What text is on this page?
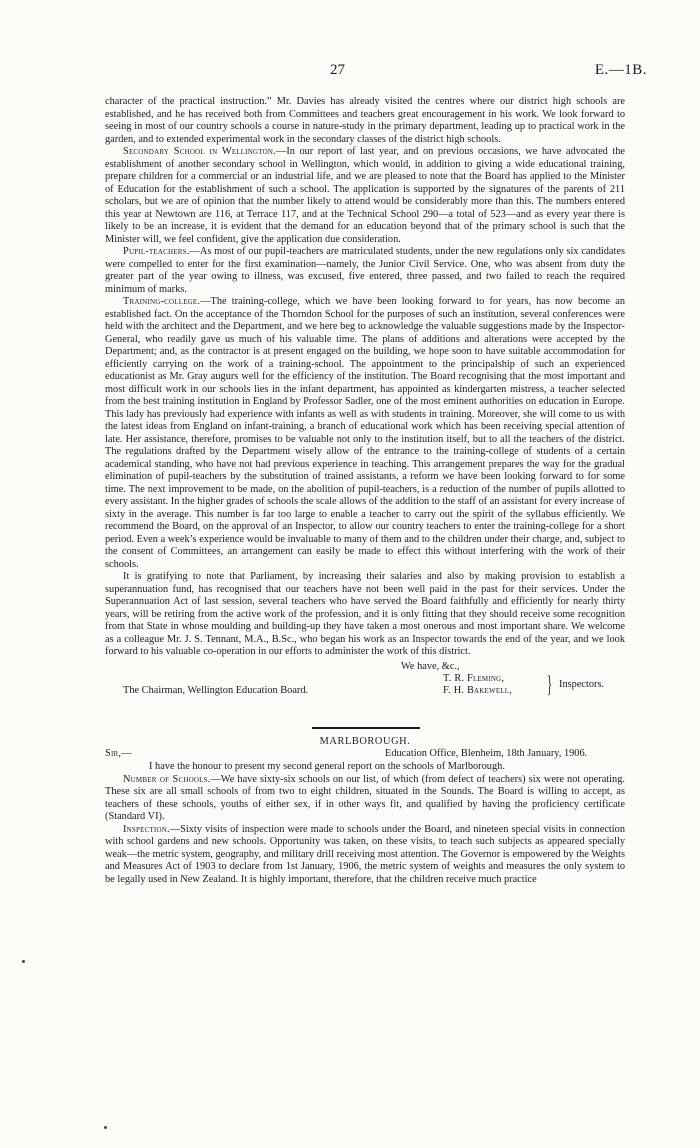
27	E.—1B.

character of the practical instruction.” Mr. Davies has already visited the centres where our district high schools are established, and he has received both from Committees and teachers great encouragement in his work. We look forward to seeing in most of our country schools a course in nature-study in the primary department, leading up to practical work in the garden, and to extended experimental work in the secondary classes of the district high schools.

Secondary School in Wellington.—In our report of last year, and on previous occasions, we have advocated the establishment of another secondary school in Wellington, which would, in addition to giving a wide educational training, prepare children for a commercial or an industrial life, and we are pleased to note that the Board has applied to the Minister of Education for the establishment of such a school. The application is supported by the signatures of the parents of 211 scholars, but we are of opinion that the number likely to attend would be considerably more than this. The numbers entered this year at Newtown are 116, at Terrace 117, and at the Technical School 290—a total of 523—and as every year there is likely to be an increase, it is evident that the demand for an education beyond that of the primary school is such that the Minister will, we feel confident, give the application due consideration.

Pupil-teachers.—As most of our pupil-teachers are matriculated students, under the new regulations only six candidates were compelled to enter for the first examination—namely, the Junior Civil Service. One, who was absent from duty the greater part of the year owing to illness, was excused, five entered, three passed, and two failed to reach the required minimum of marks.

Training-college.—The training-college, which we have been looking forward to for years, has now become an established fact. On the acceptance of the Thorndon School for the purposes of such an institution, several conferences were held with the architect and the Department, and we here beg to acknowledge the valuable suggestions made by the Inspector-General, who readily gave us much of his valuable time. The plans of additions and alterations were accepted by the Department; and, as the contractor is at present engaged on the building, we hope soon to have suitable accommodation for efficiently carrying on the work of a training-school. The appointment to the principalship of such an experienced educationist as Mr. Gray augurs well for the efficiency of the institution. The Board recognising that the most important and most difficult work in our schools lies in the infant department, has appointed as kindergarten mistress, a teacher selected from the best training institution in England by Professor Sadler, one of the most eminent authorities on education in Europe. This lady has previously had experience with infants as well as with students in training. Moreover, she will come to us with the latest ideas from England on infant-training, a branch of educational work which has been receiving special attention of late. Her assistance, therefore, promises to be valuable not only to the institution itself, but to all the teachers of the district. The regulations drafted by the Department wisely allow of the entrance to the training-college of students of a certain academical standing, who have not had previous experience in teaching. This arrangement prepares the way for the gradual elimination of pupil-teachers by the substitution of trained assistants, a reform we have been looking forward to for some time. The next improvement to be made, on the abolition of pupil-teachers, is a reduction of the number of pupils allotted to every assistant. In the higher grades of schools the scale allows of the addition to the staff of an assistant for every increase of sixty in the average. This number is far too large to enable a teacher to carry out the spirit of the syllabus efficiently. We recommend the Board, on the approval of an Inspector, to allow our country teachers to enter the training-college for a short period. Even a week’s experience would be invaluable to many of them and to the children under their charge, and, subject to the consent of Committees, an arrangement can easily be made to effect this without interfering with the work of their schools.

It is gratifying to note that Parliament, by increasing their salaries and also by making provision to establish a superannuation fund, has recognised that our teachers have not been well paid in the past for their services. Under the Superannuation Act of last session, several teachers who have served the Board faithfully and efficiently for nearly thirty years, will be retiring from the active work of the profession, and it is only fitting that they should receive some recognition from that State in whose moulding and building-up they have taken a most onerous and most important share. We welcome as a colleague Mr. J. S. Tennant, M.A., B.Sc., who began his work as an Inspector towards the end of the year, and we look forward to his valuable co-operation in our efforts to administer the work of this district.

We have, &c.,
T. R. Fleming,
F. H. Bakewell, } Inspectors.
The Chairman, Wellington Education Board.
MARLBOROUGH.
Sir,—	Education Office, Blenheim, 18th January, 1906.

I have the honour to present my second general report on the schools of Marlborough.

Number of Schools.—We have sixty-six schools on our list, of which (from defect of teachers) six were not operating. These six are all small schools of from two to eight children, situated in the Sounds. The Board is willing to accept, as teachers of these schools, youths of either sex, if in other ways fit, and qualified by having the proficiency certificate (Standard VI).

Inspection.—Sixty visits of inspection were made to schools under the Board, and nineteen special visits in connection with school gardens and new schools. Opportunity was taken, on these visits, to teach such subjects as appeared specially weak—the metric system, geography, and military drill receiving most attention. The Governor is empowered by the Weights and Measures Act of 1903 to declare from 1st January, 1906, the metric system of weights and measures the only system to be legally used in New Zealand. It is highly important, therefore, that the children receive much practice
